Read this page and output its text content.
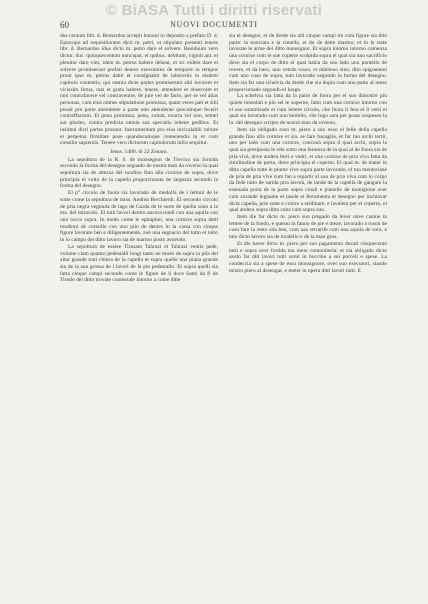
© BiASA Tutti i diritti riservati
60	NUOVI DOCUMENTI

dus centum libr. d. Bernardus accepit bononi in deposito a prefato D. d. Episcopo ad requisitionem dicti m. petri, ut stipulato presenti tenere libr. d. Bernardus idus dicto m. petro dare et solvere. Residuum vero dictor. duc. quinquecentum nuncupat. et quibus. debitum, viginti ant. et plenitur dare vim, idem m. petrus habere debeat, et sic eidem dare et solvere promiserunt prefati dentur executores de tempore in tempus prout ipse m. petrus dabit et consignabit de laboreriis in eisdem capitulo contentis; qui omnia dicte partes promiserunt sibi invicem et vicissim firma, rata et grata habere, tenere, attendere et observare et non contrafacere vel contravenire, de jure vel de facto, per se vel alias personas, cum eius omnes stipulatione promissa, quam veres pati et sibi possit pro parte attendente a parte non attendente quocumque fecerit contraffactum. Et pena promissa, pena, soluta, exacta vel non, semel aut pluries, contra predicta omnia sua specialis rebene pedibus. Et insimul dicti partes prosunt. Instrumentum pro eius invicalabili robore et perpetua firmitate pose quandocumque contenendis in et cum consilio sapientis. Tenere vero dictorum capitulorum infra sequitur.

Jesus. 1480. di 22 Zenaro.

La sepoltura de la R. S. de monsegnor de Trevixo sia fornida secondo la forma del desegno segnado de nostra man da roverso la qual sepultura sia de altezza del tondino fino alla cornixe de sopra, dove principia el volto de la capella proporcionata de largezza secondo la forma del desegno.

El p° circolo de fuora sia lavorado de medolla de i lettoni de le sorte come la sepultura de miss. Andrea Berchierdi. El secondo circolo de pria negra vegnuda de lago de Garda de le sorte de quella sono a la ma. del miracolo. El tutti lavori dentro ancora tondi con una aquila con uno tocco sopra. In modo come le epitaphio, una cornixe sopra detti modioni de cornolle con uno pilo de dentro in la cassa con cinque figure lavorate ben e diligentemente, zoé una segnacio del tutto et tutto in lo campo del ditto lavoro sia de marmo posto avuendo.

La sepoltura de essere Tirusato Tahrazi et Tahrazi ventis pede, volume ciam quattro pedestalli longi tanto ne mosti de sopra la pila del altar grande tutti chiesa de la capella et sopra quelle una piana grande sia de la sua grossa de i lavori de la pie pedestallo. Et sopra quelli sia fatta cinque campi secondo come le figure de li doce Santi da fi de Tirodo del ditto trovate contenude intorno a come ditte

sia el desegno, et de drede sia alli cinque campi tre cum figure sta dito parte: la nunciata e la cunella, et do de dette marmo; et in le teste lavorate le arme del ditto monsignor. Et sopra intorno intorno comenza una cornixe cum le sue coperte scolpida sopra el qual sia uno sacrificio dove sia el corpo de ditto el qual habia da suo lado uno pontello de rovere, et da baso, uno vetrdo rosso, et dubitoso sino, dito spigranemi cum uno cuso de sopra, tuto lavorado segondo la forma del desegno. Item sia far una schelvia da drede che sia dopia cum uno patto al meso proporcionado segondo el luogo.

La schelvia sia fatta da la parte de fuora per el suo dimostre più quiete tonsolati e più sel le superne, fatto cum una cornixe intorno con el suo sommisado et cum lettere circolo, che fuora li fera el li vetri el qual sia lavorado cum uno bertello, che lugo sara per posar sospeseo la lu. del desegno scripto de nostra man da roverso.

Item sia obligado esso m. piero a suo exso el felle della capella grande fino alla cornixe et sia. se fare bacaglia, et far tuo archi tortir, uno per lado cum una cornixe, conconà sopra li qual archi, sopra la quai sia presiposta le rele sotto una fenestra de la qual al de fuora sia de pria vivà, dove andera ferri e vedri, et una cornixe de pria viva fatta da similitudine de porta, dove principia el coperto. El qual m. de mater in ditta capella tutte le piume vive sopra parte lavorado, el tuo mentoriane de pria de pria vive cum fan a repartir al suo de pria viva cum lo corpo da fede tutto de sarida pria lavorà, de lande de la capella de gangare la esemada porta de la parte sopra vinali e pianelle de monigione aver cum zorande legname et tasele et ferramenta et desegno per inchiavar dicta capella, prie sotte e coloro a seldinare, e lavelent per el coperto, el qual andera sopra ditta cuba cum sopra suo.

Item die far dicto m. piero suo pregado da lever unve canine in lettere de la fondo, e questo in fanno de pie e meze, lavorado a ruson de cuso fare la resto sita ben, cum uso terrarife cum una aquila de soto, e tuto dicto lavoro sia de modello e de la man gros.

Et die haver dicto m. piero per suo pagamento ducati cinquecento tutti e sopra over fortida ma mere comoniteria; et sia obligado dicto sardo far diti lavori tutti sorni in bocchie a soi porcell e spese. La condeccia sia a spese de esso monsignore, over suo executori, siando mistro piero al desengar, e meter in opera ditti lavori tutti. E
